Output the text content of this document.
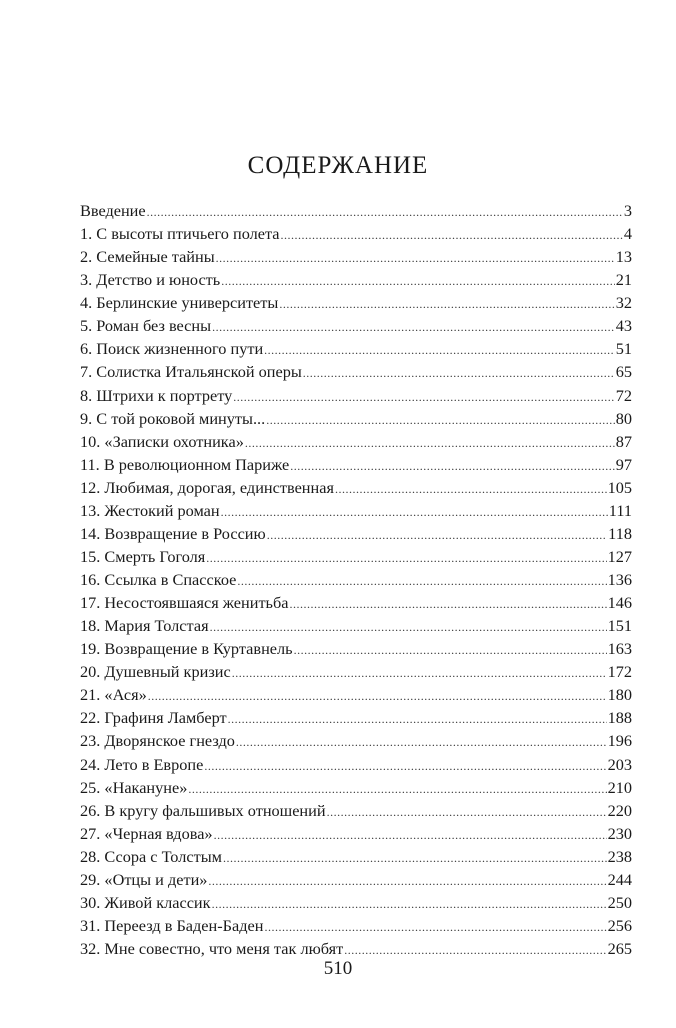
СОДЕРЖАНИЕ
Введение .....	3
1. С высоты птичьего полета .....	4
2. Семейные тайны .....	13
3. Детство и юность .....	21
4. Берлинские университеты .....	32
5. Роман без весны .....	43
6. Поиск жизненного пути .....	51
7. Солистка Итальянской оперы .....	65
8. Штрихи к портрету .....	72
9. С той роковой минуты... .....	80
10. «Записки охотника» .....	87
11. В революционном Париже .....	97
12. Любимая, дорогая, единственная .....	105
13. Жестокий роман .....	111
14. Возвращение в Россию .....	118
15. Смерть Гоголя .....	127
16. Ссылка в Спасское .....	136
17. Несостоявшаяся женитьба .....	146
18. Мария Толстая .....	151
19. Возвращение в Куртавнель .....	163
20. Душевный кризис .....	172
21. «Ася» .....	180
22. Графиня Ламберт .....	188
23. Дворянское гнездо .....	196
24. Лето в Европе .....	203
25. «Накануне» .....	210
26. В кругу фальшивых отношений .....	220
27. «Черная вдова» .....	230
28. Ссора с Толстым .....	238
29. «Отцы и дети» .....	244
30. Живой классик .....	250
31. Переезд в Баден-Баден .....	256
32. Мне совестно, что меня так любят .....	265
510
